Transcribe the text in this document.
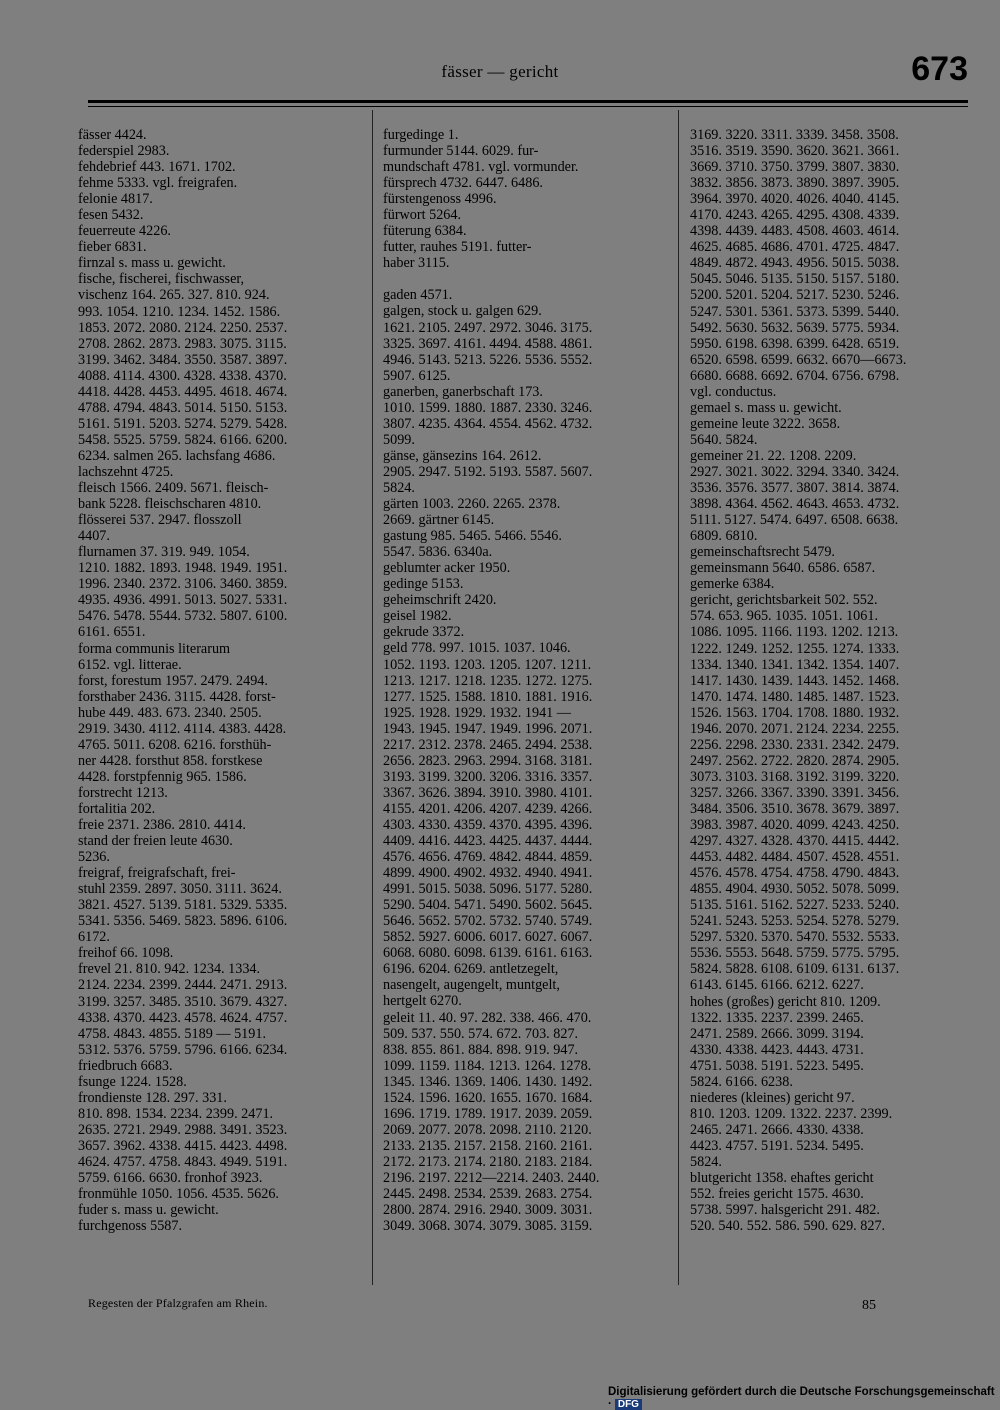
fässer — gericht	673
fässer 4424.
federspiel 2983.
fehdebrief 443. 1671. 1702.
fehme 5333. vgl. freigrafen.
felonie 4817.
fesen 5432.
feuerreute 4226.
fieber 6831.
firnzal s. mass u. gewicht.
fische, fischerei, fischwasser,
vischenz 164. 265. 327. 810. 924.
993. 1054. 1210. 1234. 1452. 1586.
1853. 2072. 2080. 2124. 2250. 2537.
2708. 2862. 2873. 2983. 3075. 3115.
3199. 3462. 3484. 3550. 3587. 3897.
4088. 4114. 4300. 4328. 4338. 4370.
4418. 4428. 4453. 4495. 4618. 4674.
4788. 4794. 4843. 5014. 5150. 5153.
5161. 5191. 5203. 5274. 5279. 5428.
5458. 5525. 5759. 5824. 6166. 6200.
6234. salmen 265. lachsfang 4686.
lachszehnt 4725.
fleisch 1566. 2409. 5671. fleisch-
bank 5228. fleischscharen 4810.
flösserei 537. 2947. flosszoll
4407.
flurnamen 37. 319. 949. 1054.
1210. 1882. 1893. 1948. 1949. 1951.
1996. 2340. 2372. 3106. 3460. 3859.
4935. 4936. 4991. 5013. 5027. 5331.
5476. 5478. 5544. 5732. 5807. 6100.
6161. 6551.
forma communis literarum
6152. vgl. litterae.
forst, forestum 1957. 2479. 2494.
forsthaber 2436. 3115. 4428. forst-
hube 449. 483. 673. 2340. 2505.
2919. 3430. 4112. 4114. 4383. 4428.
4765. 5011. 6208. 6216. forsthüh-
ner 4428. forsthut 858. forstkese
4428. forstpfennig 965. 1586.
forstrecht 1213.
fortalitia 202.
freie 2371. 2386. 2810. 4414.
stand der freien leute 4630.
5236.
freigraf, freigrafschaft, frei-
stuhl 2359. 2897. 3050. 3111. 3624.
3821. 4527. 5139. 5181. 5329. 5335.
5341. 5356. 5469. 5823. 5896. 6106.
6172.
freihof 66. 1098.
frevel 21. 810. 942. 1234. 1334.
2124. 2234. 2399. 2444. 2471. 2913.
3199. 3257. 3485. 3510. 3679. 4327.
4338. 4370. 4423. 4578. 4624. 4757.
4758. 4843. 4855. 5189 — 5191.
5312. 5376. 5759. 5796. 6166. 6234.
friedbruch 6683.
fsunge 1224. 1528.
frondienste 128. 297. 331.
810. 898. 1534. 2234. 2399. 2471.
2635. 2721. 2949. 2988. 3491. 3523.
3657. 3962. 4338. 4415. 4423. 4498.
4624. 4757. 4758. 4843. 4949. 5191.
5759. 6166. 6630. fronhof 3923.
fronmühle 1050. 1056. 4535. 5626.
fuder s. mass u. gewicht.
furchgenoss 5587.
furgedinge 1.
furmunder 5144. 6029. fur-
mundschaft 4781. vgl. vormunder.
fürsprech 4732. 6447. 6486.
fürstengenoss 4996.
fürwort 5264.
füterung 6384.
futter, rauhes 5191. futter-
haber 3115.
gaden 4571.
galgen, stock u. galgen 629.
1621. 2105. 2497. 2972. 3046. 3175.
3325. 3697. 4161. 4494. 4588. 4861.
4946. 5143. 5213. 5226. 5536. 5552.
5907. 6125.
ganerben, ganerbschaft 173.
1010. 1599. 1880. 1887. 2330. 3246.
3807. 4235. 4364. 4554. 4562. 4732.
5099.
gänse, gänsezins 164. 2612.
2905. 2947. 5192. 5193. 5587. 5607.
5824.
gärten 1003. 2260. 2265. 2378.
2669. gärtner 6145.
gastung 985. 5465. 5466. 5546.
5547. 5836. 6340a.
geblumter acker 1950.
gedinge 5153.
geheimschrift 2420.
geisel 1982.
gekrude 3372.
geld 778. 997. 1015. 1037. 1046.
1052. 1193. 1203. 1205. 1207. 1211.
1213. 1217. 1218. 1235. 1272. 1275.
1277. 1525. 1588. 1810. 1881. 1916.
1925. 1928. 1929. 1932. 1941 —
1943. 1945. 1947. 1949. 1996. 2071.
2217. 2312. 2378. 2465. 2494. 2538.
2656. 2823. 2963. 2994. 3168. 3181.
3193. 3199. 3200. 3206. 3316. 3357.
3367. 3626. 3894. 3910. 3980. 4101.
4155. 4201. 4206. 4207. 4239. 4266.
4303. 4330. 4359. 4370. 4395. 4396.
4409. 4416. 4423. 4425. 4437. 4444.
4576. 4656. 4769. 4842. 4844. 4859.
4899. 4900. 4902. 4932. 4940. 4941.
4991. 5015. 5038. 5096. 5177. 5280.
5290. 5404. 5471. 5490. 5602. 5645.
5646. 5652. 5702. 5732. 5740. 5749.
5852. 5927. 6006. 6017. 6027. 6067.
6068. 6080. 6098. 6139. 6161. 6163.
6196. 6204. 6269. antletzegelt,
nasengelt, augengelt, muntgelt,
hertgelt 6270.
geleit 11. 40. 97. 282. 338. 466. 470.
509. 537. 550. 574. 672. 703. 827.
838. 855. 861. 884. 898. 919. 947.
1099. 1159. 1184. 1213. 1264. 1278.
1345. 1346. 1369. 1406. 1430. 1492.
1524. 1596. 1620. 1655. 1670. 1684.
1696. 1719. 1789. 1917. 2039. 2059.
2069. 2077. 2078. 2098. 2110. 2120.
2133. 2135. 2157. 2158. 2160. 2161.
2172. 2173. 2174. 2180. 2183. 2184.
2196. 2197. 2212—2214. 2403. 2440.
2445. 2498. 2534. 2539. 2683. 2754.
2800. 2874. 2916. 2940. 3009. 3031.
3049. 3068. 3074. 3079. 3085. 3159.
3169. 3220. 3311. 3339. 3458. 3508.
3516. 3519. 3590. 3620. 3621. 3661.
3669. 3710. 3750. 3799. 3807. 3830.
3832. 3856. 3873. 3890. 3897. 3905.
3964. 3970. 4020. 4026. 4040. 4145.
4170. 4243. 4265. 4295. 4308. 4339.
4398. 4439. 4483. 4508. 4603. 4614.
4625. 4685. 4686. 4701. 4725. 4847.
4849. 4872. 4943. 4956. 5015. 5038.
5045. 5046. 5135. 5150. 5157. 5180.
5200. 5201. 5204. 5217. 5230. 5246.
5247. 5301. 5361. 5373. 5399. 5440.
5492. 5630. 5632. 5639. 5775. 5934.
5950. 6198. 6398. 6399. 6428. 6519.
6520. 6598. 6599. 6632. 6670—6673.
6680. 6688. 6692. 6704. 6756. 6798.
vgl. conductus.
gemael s. mass u. gewicht.
gemeine leute 3222. 3658.
5640. 5824.
gemeiner 21. 22. 1208. 2209.
2927. 3021. 3022. 3294. 3340. 3424.
3536. 3576. 3577. 3807. 3814. 3874.
3898. 4364. 4562. 4643. 4653. 4732.
5111. 5127. 5474. 6497. 6508. 6638.
6809. 6810.
gemeinschaftsrecht 5479.
gemeinsmann 5640. 6586. 6587.
gemerke 6384.
gericht, gerichtsbarkeit 502. 552.
574. 653. 965. 1035. 1051. 1061.
1086. 1095. 1166. 1193. 1202. 1213.
1222. 1249. 1252. 1255. 1274. 1333.
1334. 1340. 1341. 1342. 1354. 1407.
1417. 1430. 1439. 1443. 1452. 1468.
1470. 1474. 1480. 1485. 1487. 1523.
1526. 1563. 1704. 1708. 1880. 1932.
1946. 2070. 2071. 2124. 2234. 2255.
2256. 2298. 2330. 2331. 2342. 2479.
2497. 2562. 2722. 2820. 2874. 2905.
3073. 3103. 3168. 3192. 3199. 3220.
3257. 3266. 3367. 3390. 3391. 3456.
3484. 3506. 3510. 3678. 3679. 3897.
3983. 3987. 4020. 4099. 4243. 4250.
4297. 4327. 4328. 4370. 4415. 4442.
4453. 4482. 4484. 4507. 4528. 4551.
4576. 4578. 4754. 4758. 4790. 4843.
4855. 4904. 4930. 5052. 5078. 5099.
5135. 5161. 5162. 5227. 5233. 5240.
5241. 5243. 5253. 5254. 5278. 5279.
5297. 5320. 5370. 5470. 5532. 5533.
5536. 5553. 5648. 5759. 5775. 5795.
5824. 5828. 6108. 6109. 6131. 6137.
6143. 6145. 6166. 6212. 6227.
hohes (großes) gericht 810. 1209.
1322. 1335. 2237. 2399. 2465.
2471. 2589. 2666. 3099. 3194.
4330. 4338. 4423. 4443. 4731.
4751. 5038. 5191. 5223. 5495.
5824. 6166. 6238.
niederes (kleines) gericht 97.
810. 1203. 1209. 1322. 2237. 2399.
2465. 2471. 2666. 4330. 4338.
4423. 4757. 5191. 5234. 5495.
5824.
blutgericht 1358. ehaftes gericht
552. freies gericht 1575. 4630.
5738. 5997. halsgericht 291. 482.
520. 540. 552. 586. 590. 629. 827.
Regesten der Pfalzgrafen am Rhein.	85
Digitalisierung gefördert durch die Deutsche Forschungsgemeinschaft · DFG
